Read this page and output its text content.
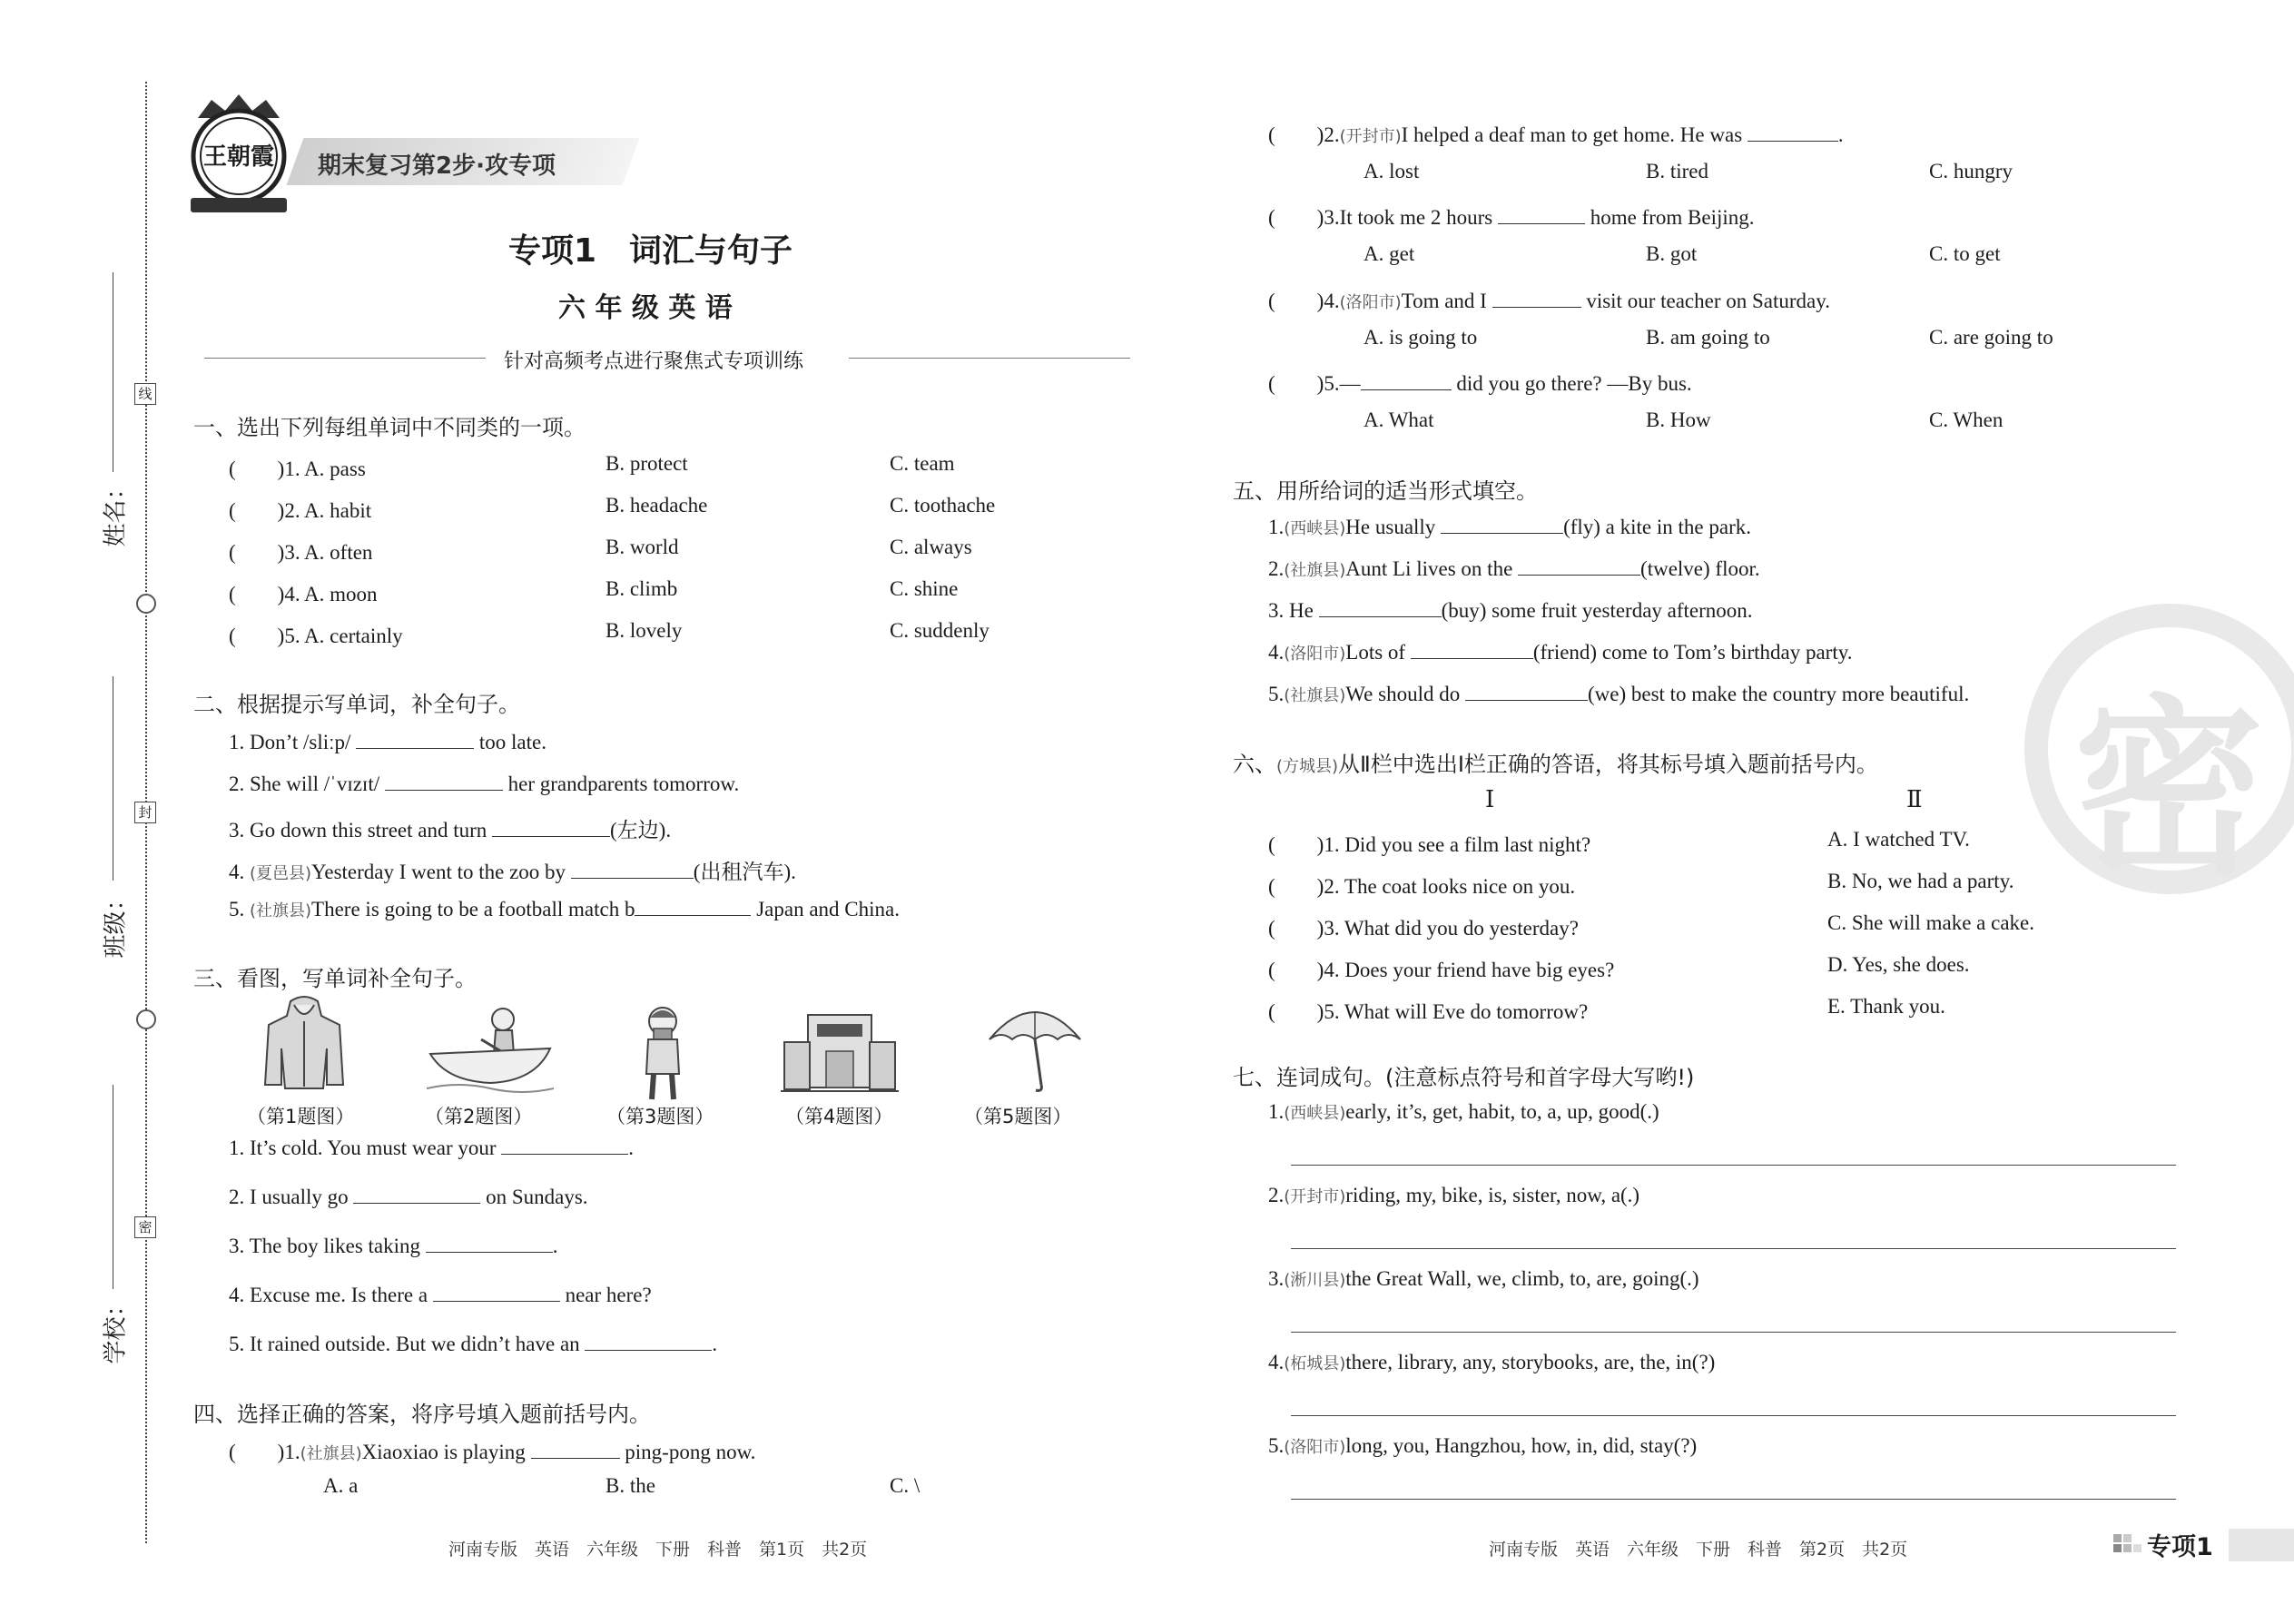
姓名：
班级：
学校：
线
封
密
王朝霞 期末复习第2步·攻专项
专项1　词汇与句子
六 年 级 英 语
针对高频考点进行聚焦式专项训练
一、选出下列每组单词中不同类的一项。
(　　)1. A. pass	B. protect	C. team
(　　)2. A. habit	B. headache	C. toothache
(　　)3. A. often	B. world	C. always
(　　)4. A. moon	B. climb	C. shine
(　　)5. A. certainly	B. lovely	C. suddenly
二、根据提示写单词，补全句子。
1. Don’t /sliːp/	too late.
2. She will /ˈvɪzɪt/	her grandparents tomorrow.
3. Go down this street and turn	(左边).
4. (夏邑县)Yesterday I went to the zoo by	(出租汽车).
5. (社旗县)There is going to be a football match b	Japan and China.
三、看图，写单词补全句子。
（第1题图）	（第2题图）	（第3题图）	（第4题图）	（第5题图）
1. It’s cold. You must wear your	.
2. I usually go	on Sundays.
3. The boy likes taking	.
4. Excuse me. Is there a	near here?
5. It rained outside. But we didn’t have an	.
四、选择正确的答案，将序号填入题前括号内。
(　　)1.(社旗县)Xiaoxiao is playing	ping-pong now.
A. a	B. the	C. \
河南专版　英语　六年级　下册　科普　第1页　共2页
密
(　　)2.(开封市)I helped a deaf man to get home. He was	.
A. lost	B. tired	C. hungry
(　　)3.It took me 2 hours	home from Beijing.
A. get	B. got	C. to get
(　　)4.(洛阳市)Tom and I	visit our teacher on Saturday.
A. is going to	B. am going to	C. are going to
(　　)5.—	did you go there? —By bus.
A. What	B. How	C. When
五、用所给词的适当形式填空。
1.(西峡县)He usually	(fly) a kite in the park.
2.(社旗县)Aunt Li lives on the	(twelve) floor.
3. He	(buy) some fruit yesterday afternoon.
4.(洛阳市)Lots of	(friend) come to Tom’s birthday party.
5.(社旗县)We should do	(we) best to make the country more beautiful.
六、(方城县)从Ⅱ栏中选出Ⅰ栏正确的答语，将其标号填入题前括号内。
Ⅰ	Ⅱ
(　　)1. Did you see a film last night?	A. I watched TV.
(　　)2. The coat looks nice on you.	B. No, we had a party.
(　　)3. What did you do yesterday?	C. She will make a cake.
(　　)4. Does your friend have big eyes?	D. Yes, she does.
(　　)5. What will Eve do tomorrow?	E. Thank you.
七、连词成句。(注意标点符号和首字母大写哟!)
1.(西峡县)early, it’s, get, habit, to, a, up, good(.)
2.(开封市)riding, my, bike, is, sister, now, a(.)
3.(淅川县)the Great Wall, we, climb, to, are, going(.)
4.(柘城县)there, library, any, storybooks, are, the, in(?)
5.(洛阳市)long, you, Hangzhou, how, in, did, stay(?)
河南专版　英语　六年级　下册　科普　第2页　共2页	专项1
